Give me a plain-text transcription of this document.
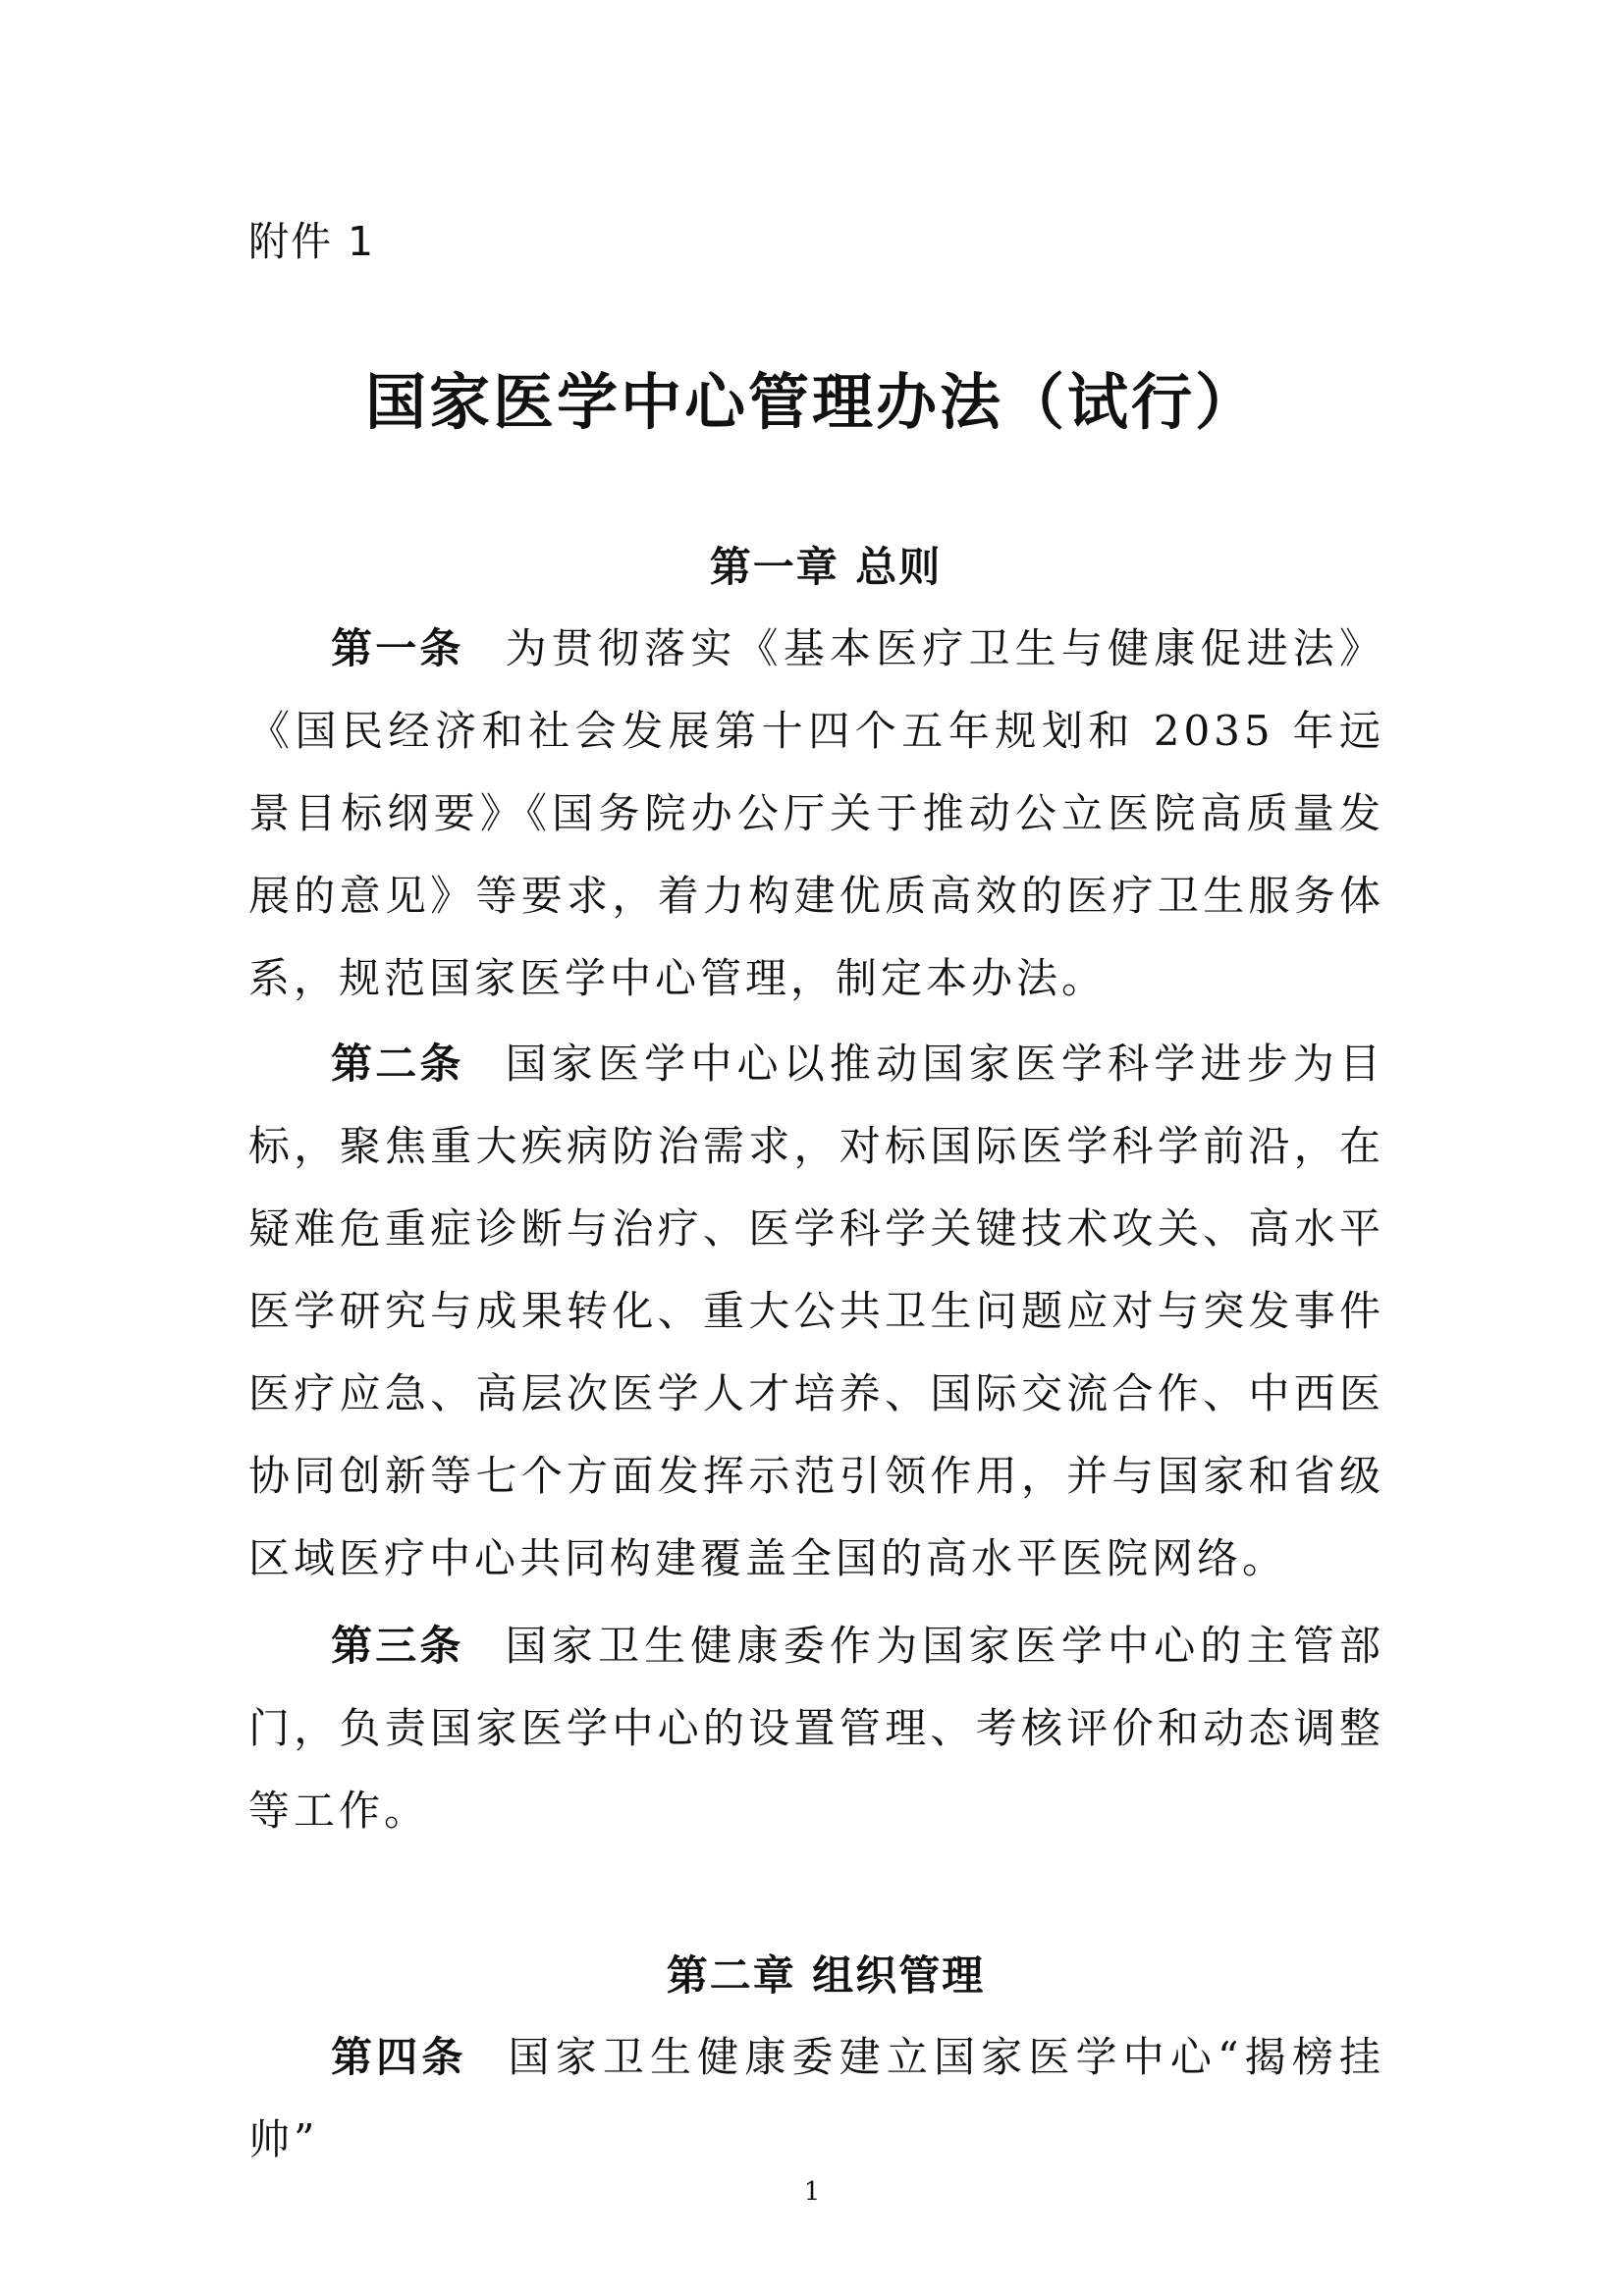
附件 1
国家医学中心管理办法（试行）
第一章 总则

第一条 为贯彻落实《基本医疗卫生与健康促进法》《国民经济和社会发展第十四个五年规划和 2035 年远景目标纲要》《国务院办公厅关于推动公立医院高质量发展的意见》等要求，着力构建优质高效的医疗卫生服务体系，规范国家医学中心管理，制定本办法。

第二条 国家医学中心以推动国家医学科学进步为目标，聚焦重大疾病防治需求，对标国际医学科学前沿，在疑难危重症诊断与治疗、医学科学关键技术攻关、高水平医学研究与成果转化、重大公共卫生问题应对与突发事件医疗应急、高层次医学人才培养、国际交流合作、中西医协同创新等七个方面发挥示范引领作用，并与国家和省级区域医疗中心共同构建覆盖全国的高水平医院网络。

第三条 国家卫生健康委作为国家医学中心的主管部门，负责国家医学中心的设置管理、考核评价和动态调整等工作。

第二章 组织管理

第四条 国家卫生健康委建立国家医学中心“揭榜挂帅”

1
